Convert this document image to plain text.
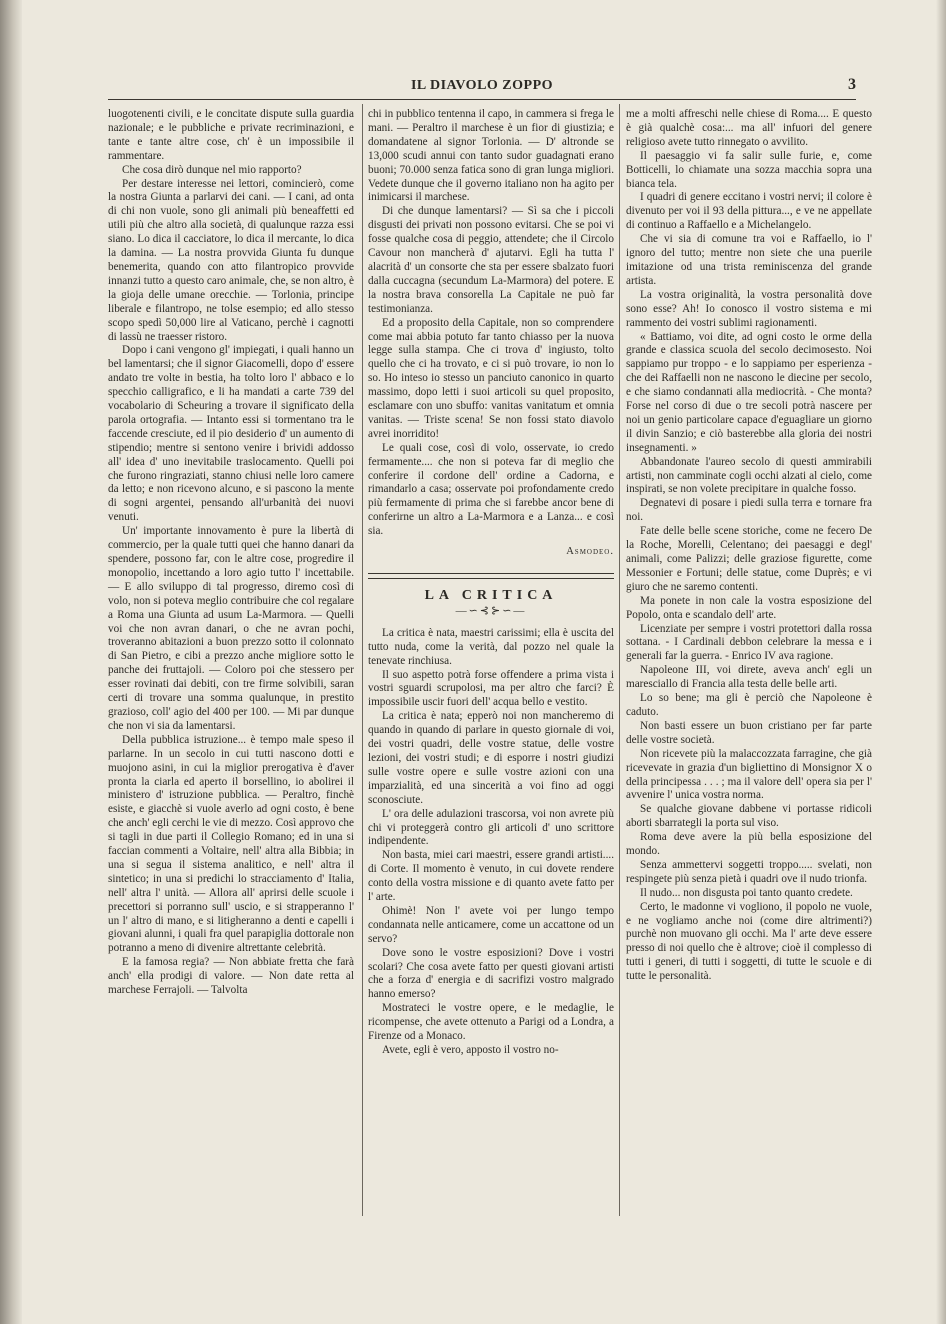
IL DIAVOLO ZOPPO	3

luogotenenti civili, e le concitate dispute sulla guardia nazionale; e le pubbliche e private recriminazioni, e tante e tante altre cose, ch' è un impossibile il rammentare.

Che cosa dirò dunque nel mio rapporto?

Per destare interesse nei lettori, comincierò, come la nostra Giunta a parlarvi dei cani. — I cani, ad onta di chi non vuole, sono gli animali più beneaffetti ed utili più che altro alla società, di qualunque razza essi siano. Lo dica il cacciatore, lo dica il mercante, lo dica la damina. — La nostra provvida Giunta fu dunque benemerita, quando con atto filantropico provvide innanzi tutto a questo caro animale, che, se non altro, è la gioja delle umane orecchie. — Torlonia, principe liberale e filantropo, ne tolse esempio; ed allo stesso scopo spedì 50,000 lire al Vaticano, perchè i cagnotti di lassù ne traesser ristoro.

Dopo i cani vengono gl' impiegati, i quali hanno un bel lamentarsi; che il signor Giacomelli, dopo d' essere andato tre volte in bestia, ha tolto loro l' abbaco e lo specchio calligrafico, e li ha mandati a carte 739 del vocabolario di Scheuring a trovare il significato della parola ortografia. — Intanto essi si tormentano tra le faccende cresciute, ed il pio desiderio d' un aumento di stipendio; mentre si sentono venire i brividi addosso all' idea d' uno inevitabile traslocamento. Quelli poi che furono ringraziati, stanno chiusi nelle loro camere da letto; e non ricevono alcuno, e si pascono la mente di sogni argentei, pensando all'urbanità dei nuovi venuti.

Un' importante innovamento è pure la libertà di commercio, per la quale tutti quei che hanno danari da spendere, possono far, con le altre cose, progredire il monopolio, incettando a loro agio tutto l' incettabile. — E allo sviluppo di tal progresso, diremo così di volo, non si poteva meglio contribuire che col regalare a Roma una Giunta ad usum La-Marmora. — Quelli voi che non avran danari, o che ne avran pochi, troveranno abitazioni a buon prezzo sotto il colonnato di San Pietro, e cibi a prezzo anche migliore sotto le panche dei fruttajoli. — Coloro poi che stessero per esser rovinati dai debiti, con tre firme solvibili, saran certi di trovare una somma qualunque, in prestito grazioso, coll' agio del 400 per 100. — Mi par dunque che non vi sia da lamentarsi.

Della pubblica istruzione... è tempo male speso il parlarne. In un secolo in cui tutti nascono dotti e muojono asini, in cui la miglior prerogativa è d'aver pronta la ciarla ed aperto il borsellino, io abolirei il ministero d' istruzione pubblica. — Peraltro, finchè esiste, e giacchè si vuole averlo ad ogni costo, è bene che anch' egli cerchi le vie di mezzo. Così approvo che si tagli in due parti il Collegio Romano; ed in una si faccian commenti a Voltaire, nell' altra alla Bibbia; in una si segua il sistema analitico, e nell' altra il sintetico; in una si predichi lo stracciamento d' Italia, nell' altra l' unità. — Allora all' aprirsi delle scuole i precettori si porranno sull' uscio, e si strapperanno l' un l' altro di mano, e si litigheranno a denti e capelli i giovani alunni, i quali fra quel parapiglia dottorale non potranno a meno di divenire altrettante celebrità.

E la famosa regia? — Non abbiate fretta che farà anch' ella prodigi di valore. — Non date retta al marchese Ferrajoli. — Talvolta

chi in pubblico tentenna il capo, in cammera si frega le mani. — Peraltro il marchese è un fior di giustizia; e domandatene al signor Torlonia. — D' altronde se 13,000 scudi annui con tanto sudor guadagnati erano buoni; 70.000 senza fatica sono di gran lunga migliori. Vedete dunque che il governo italiano non ha agito per inimicarsi il marchese.

Di che dunque lamentarsi? — Sì sa che i piccoli disgusti dei privati non possono evitarsi. Che se poi vi fosse qualche cosa di peggio, attendete; che il Circolo Cavour non mancherà d' ajutarvi. Egli ha tutta l' alacrità d' un consorte che sta per essere sbalzato fuori dalla cuccagna (secundum La-Marmora) del potere. E la nostra brava consorella La Capitale ne può far testimonianza.

Ed a proposito della Capitale, non so comprendere come mai abbia potuto far tanto chiasso per la nuova legge sulla stampa. Che ci trova d' ingiusto, tolto quello che ci ha trovato, e ci si può trovare, io non lo so. Ho inteso io stesso un panciuto canonico in quarto massimo, dopo letti i suoi articoli su quel proposito, esclamare con uno sbuffo: vanitas vanitatum et omnia vanitas. — Triste scena! Se non fossi stato diavolo avrei inorridito!

Le quali cose, così di volo, osservate, io credo fermamente.... che non si poteva far di meglio che conferire il cordone dell' ordine a Cadorna, e rimandarlo a casa; osservate poi profondamente credo più fermamente di prima che si farebbe ancor bene di conferirne un altro a La-Marmora e a Lanza... e così sia.

Asmodeo.

LA CRITICA
—∽⊰⊱∽—

La critica è nata, maestri carissimi; ella è uscita del tutto nuda, come la verità, dal pozzo nel quale la tenevate rinchiusa.

Il suo aspetto potrà forse offendere a prima vista i vostri sguardi scrupolosi, ma per altro che farci? È impossibile uscir fuori dell' acqua bello e vestito.

La critica è nata; epperò noi non mancheremo di quando in quando di parlare in questo giornale di voi, dei vostri quadri, delle vostre statue, delle vostre lezioni, dei vostri studi; e di esporre i nostri giudizi sulle vostre opere e sulle vostre azioni con una imparzialità, ed una sincerità a voi fino ad oggi sconosciute.

L' ora delle adulazioni trascorsa, voi non avrete più chi vi proteggerà contro gli articoli d' uno scrittore indipendente.

Non basta, miei cari maestri, essere grandi artisti.... di Corte. Il momento è venuto, in cui dovete rendere conto della vostra missione e di quanto avete fatto per l' arte.

Ohimè! Non l' avete voi per lungo tempo condannata nelle anticamere, come un accattone od un servo?

Dove sono le vostre esposizioni? Dove i vostri scolari? Che cosa avete fatto per questi giovani artisti che a forza d' energia e di sacrifizi vostro malgrado hanno emerso?

Mostrateci le vostre opere, e le medaglie, le ricompense, che avete ottenuto a Parigi od a Londra, a Firenze od a Monaco.

Avete, egli è vero, apposto il vostro no-

me a molti affreschi nelle chiese di Roma.... E questo è già qualchè cosa:... ma all' infuori del genere religioso avete tutto rinnegato o avvilito.

Il paesaggio vi fa salir sulle furie, e, come Botticelli, lo chiamate una sozza macchia sopra una bianca tela.

I quadri di genere eccitano i vostri nervi; il colore è divenuto per voi il 93 della pittura..., e ve ne appellate di continuo a Raffaello e a Michelangelo.

Che vi sia di comune tra voi e Raffaello, io l' ignoro del tutto; mentre non siete che una puerile imitazione od una trista reminiscenza del grande artista.

La vostra originalità, la vostra personalità dove sono esse? Ah! Io conosco il vostro sistema e mi rammento dei vostri sublimi ragionamenti.

« Battiamo, voi dite, ad ogni costo le orme della grande e classica scuola del secolo decimosesto. Noi sappiamo pur troppo - e lo sappiamo per esperienza - che dei Raffaelli non ne nascono le diecine per secolo, e che siamo condannati alla mediocrità. - Che monta? Forse nel corso di due o tre secoli potrà nascere per noi un genio particolare capace d'eguagliare un giorno il divin Sanzio; e ciò basterebbe alla gloria dei nostri insegnamenti. »

Abbandonate l'aureo secolo di questi ammirabili artisti, non camminate cogli occhi alzati al cielo, come inspirati, se non volete precipitare in qualche fosso.

Degnatevi di posare i piedi sulla terra e tornare fra noi.

Fate delle belle scene storiche, come ne fecero De la Roche, Morelli, Celentano; dei paesaggi e degl' animali, come Palizzi; delle graziose figurette, come Messonier e Fortuni; delle statue, come Duprès; e vi giuro che ne saremo contenti.

Ma ponete in non cale la vostra esposizione del Popolo, onta e scandalo dell' arte.

Licenziate per sempre i vostri protettori dalla rossa sottana. - I Cardinali debbon celebrare la messa e i generali far la guerra. - Enrico IV ava ragione.

Napoleone III, voi direte, aveva anch' egli un maresciallo di Francia alla testa delle belle arti.

Lo so bene; ma gli è perciò che Napoleone è caduto.

Non basti essere un buon cristiano per far parte delle vostre società.

Non ricevete più la malaccozzata farragine, che già ricevevate in grazia d'un bigliettino di Monsignor X o della principessa . . . ; ma il valore dell' opera sia per l' avvenire l' unica vostra norma.

Se qualche giovane dabbene vi portasse ridicoli aborti sbarrategli la porta sul viso.

Roma deve avere la più bella esposizione del mondo.

Senza ammettervi soggetti troppo..... svelati, non respingete più senza pietà i quadri ove il nudo trionfa.

Il nudo... non disgusta poi tanto quanto credete.

Certo, le madonne vi vogliono, il popolo ne vuole, e ne vogliamo anche noi (come dire altrimenti?) purchè non muovano gli occhi. Ma l' arte deve essere presso di noi quello che è altrove; cioè il complesso di tutti i generi, di tutti i soggetti, di tutte le scuole e di tutte le personalità.
